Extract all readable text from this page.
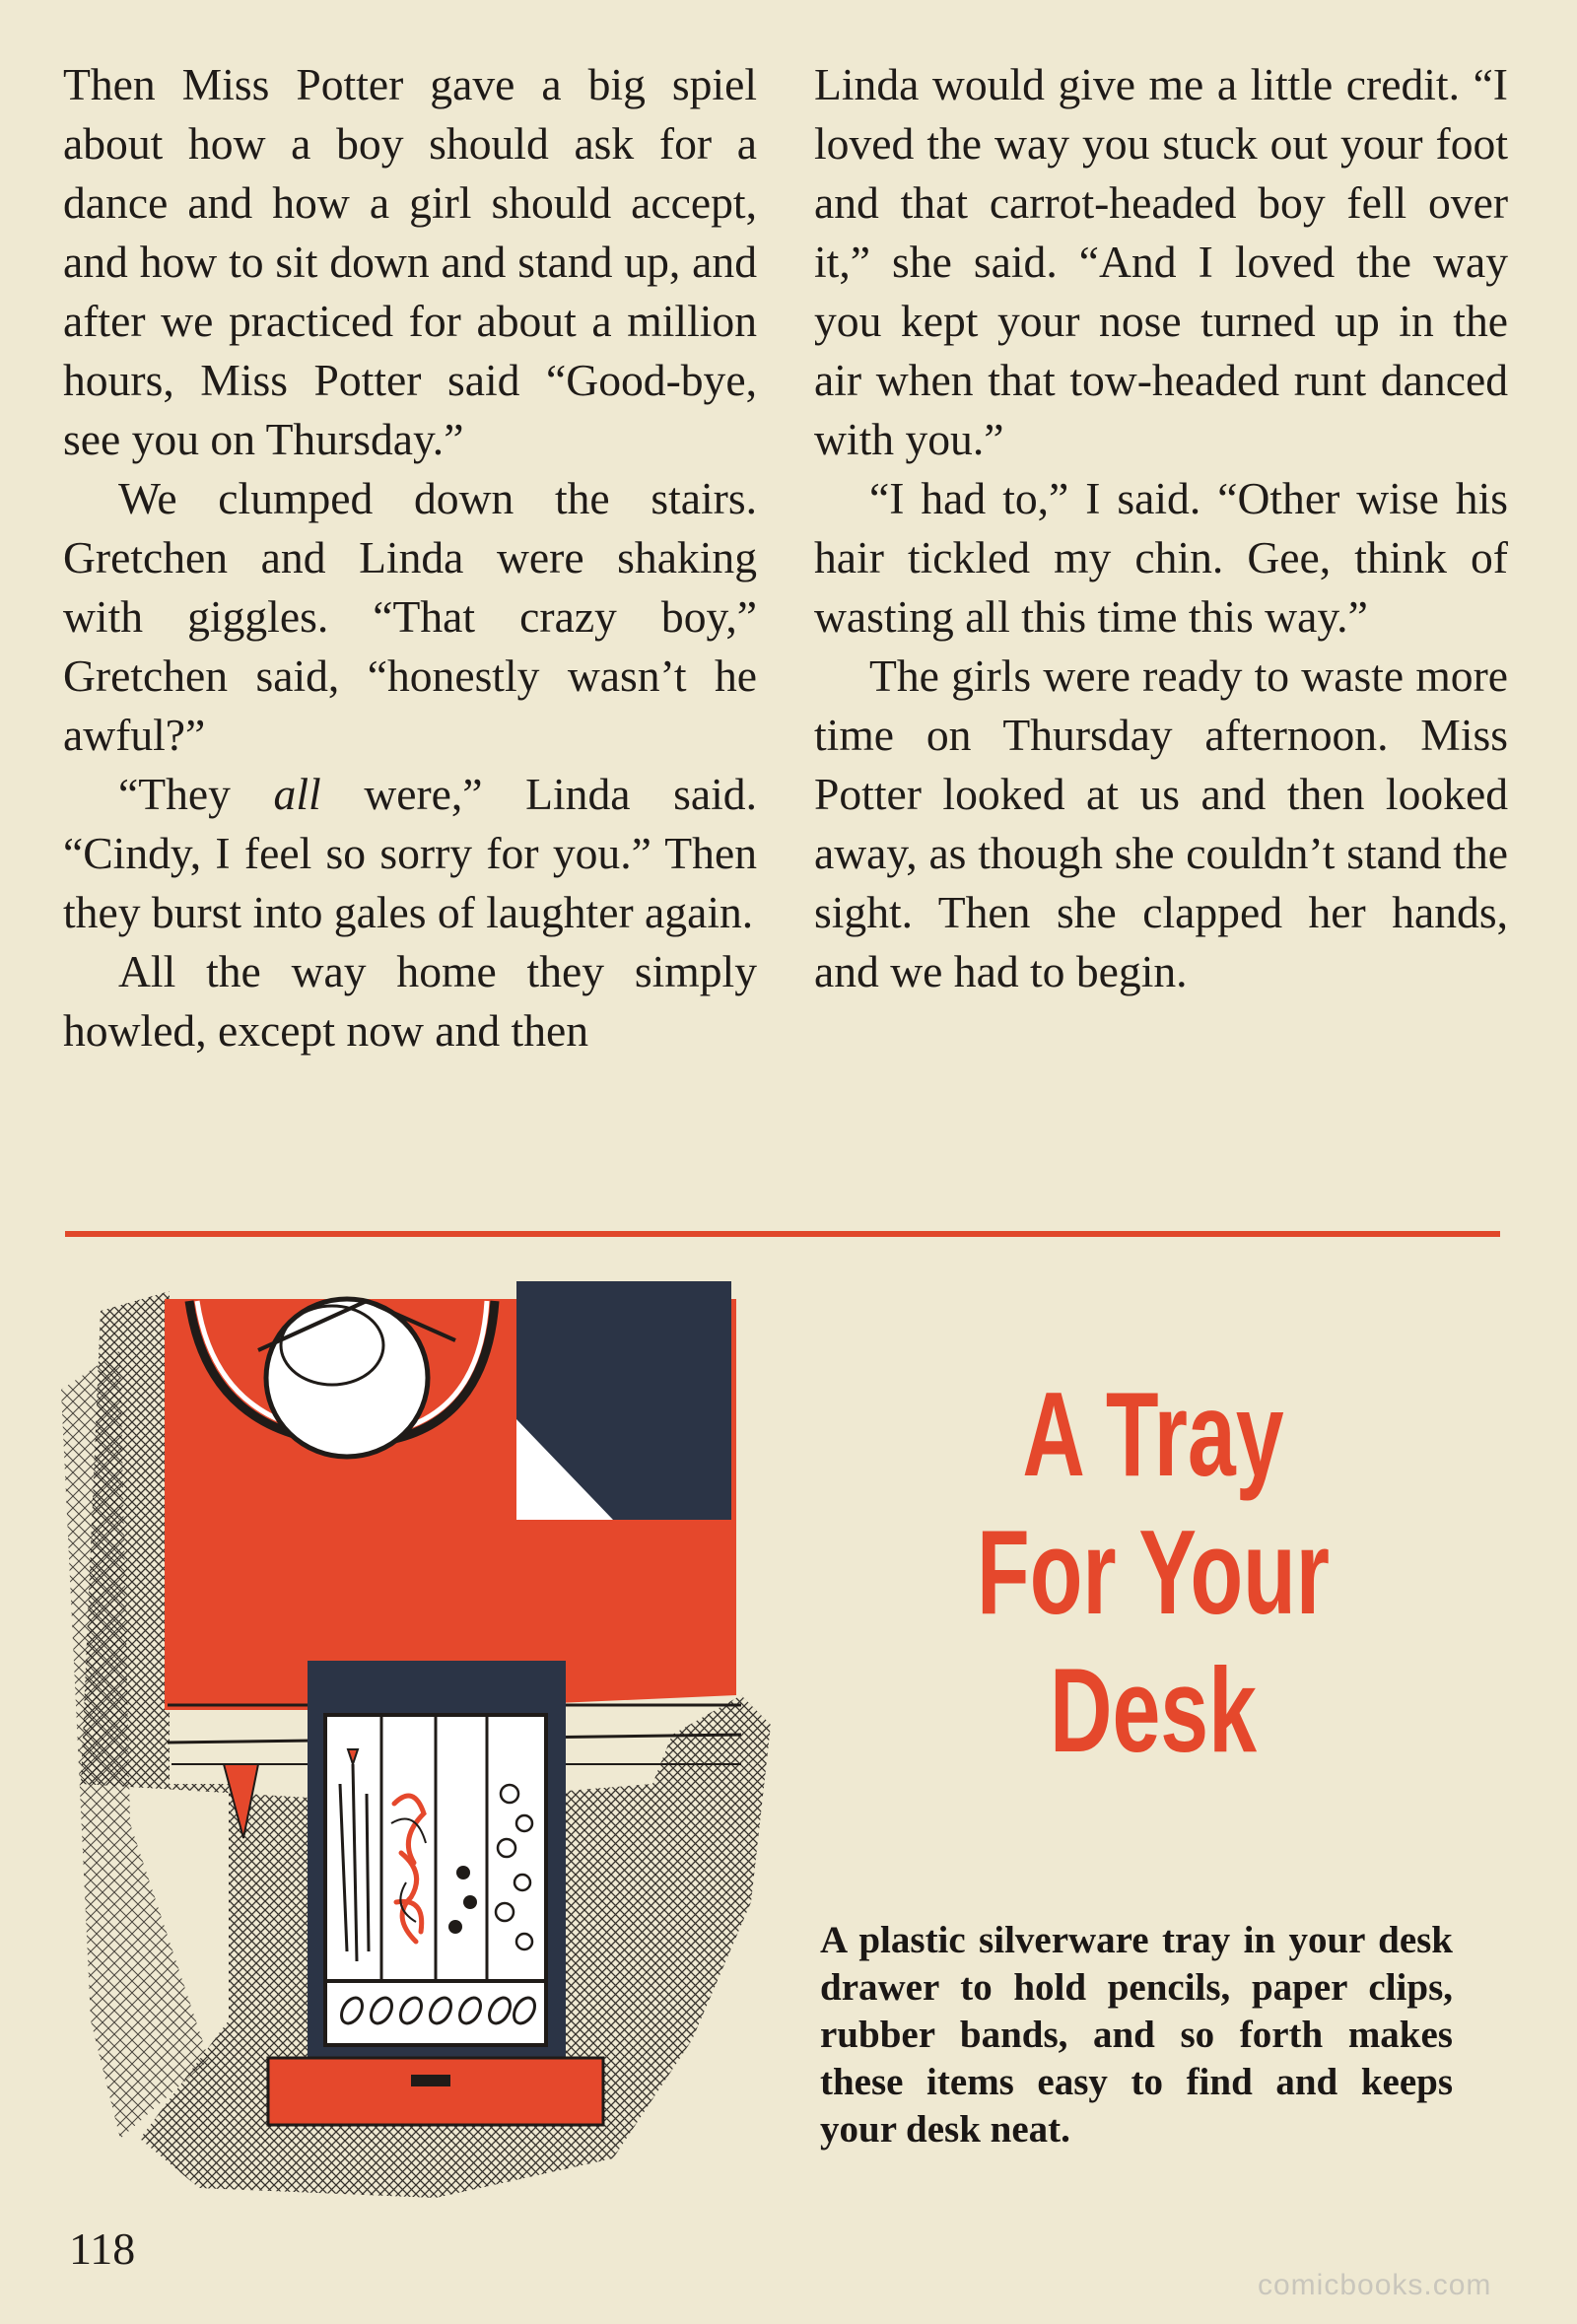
Then Miss Potter gave a big spiel about how a boy should ask for a dance and how a girl should accept, and how to sit down and stand up, and after we practiced for about a million hours, Miss Potter said “Good-bye, see you on Thursday.”

We clumped down the stairs. Gretchen and Linda were shaking with giggles. “That crazy boy,” Gretchen said, “honestly wasn’t he awful?”

“They all were,” Linda said. “Cindy, I feel so sorry for you.” Then they burst into gales of laughter again.

All the way home they simply howled, except now and then

Linda would give me a little credit. “I loved the way you stuck out your foot and that carrot-headed boy fell over it,” she said. “And I loved the way you kept your nose turned up in the air when that tow-headed runt danced with you.”

“I had to,” I said. “Other wise his hair tickled my chin. Gee, think of wasting all this time this way.”

The girls were ready to waste more time on Thursday afternoon. Miss Potter looked at us and then looked away, as though she couldn’t stand the sight. Then she clapped her hands, and we had to begin.

A Tray
For Your
Desk
A plastic silverware tray in your desk drawer to hold pencils, paper clips, rubber bands, and so forth makes these items easy to find and keeps your desk neat.
118
comicbooks.com
